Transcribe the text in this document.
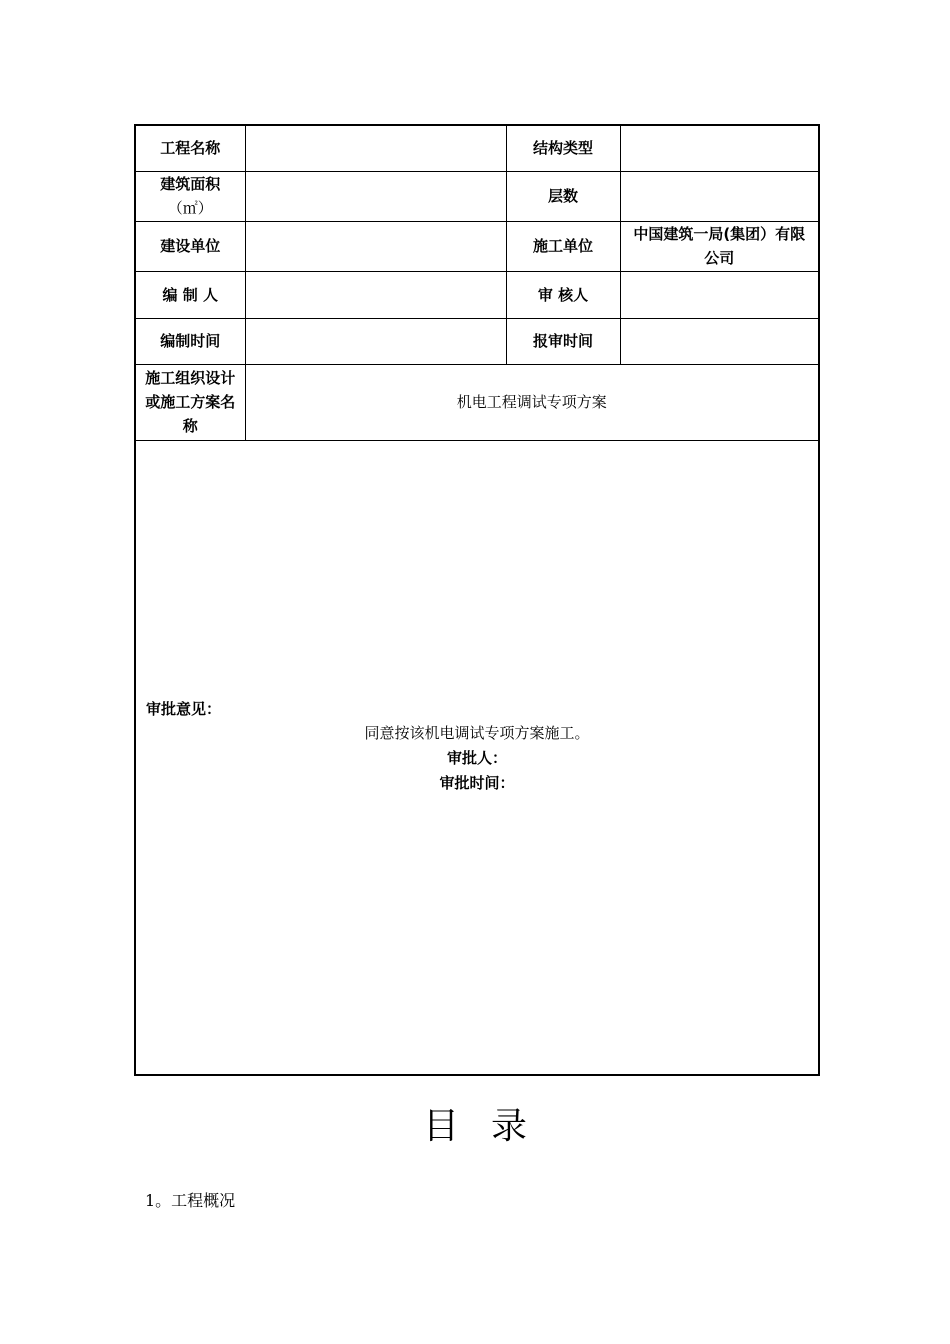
工程名称		结构类型	

建筑面积
（㎡）		层数	
建设单位		施工单位	中国建筑一局(集团）有限公司
编 制 人		审 核人	
编制时间		报审时间	
施工组织设计或施工方案名称	机电工程调试专项方案		

审批意见：
同意按该机电调试专项方案施工。
审批人：
审批时间：			
目录
1。工程概况
